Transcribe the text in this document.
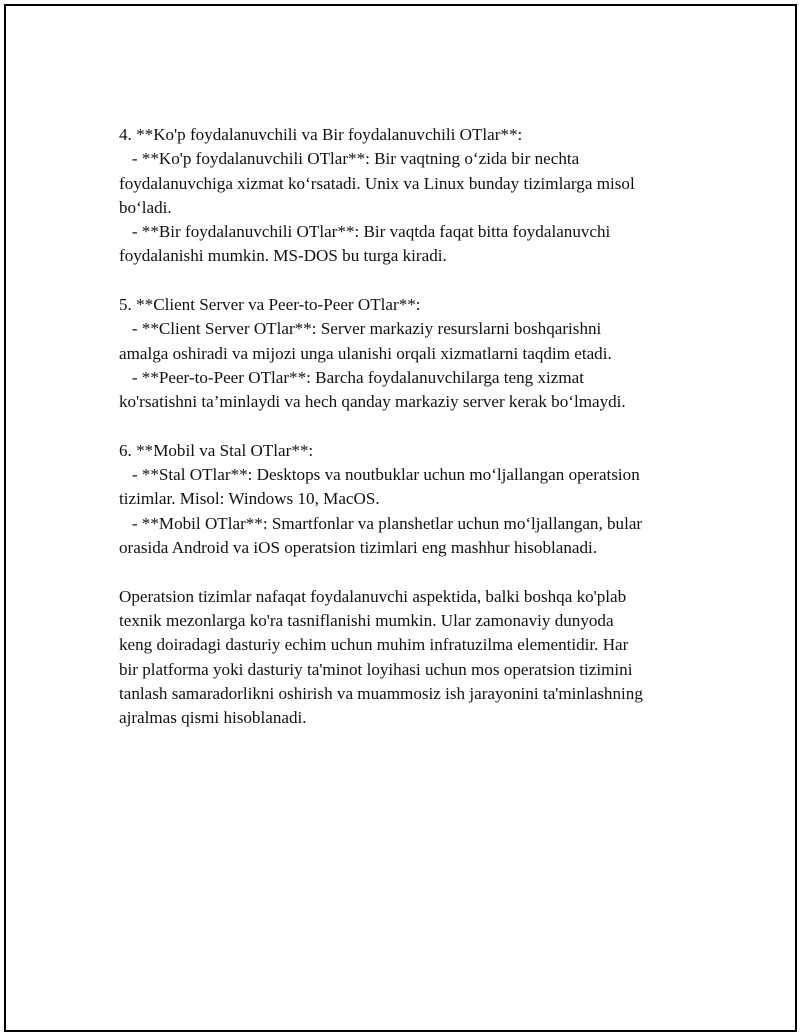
4. **Ko'p foydalanuvchili va Bir foydalanuvchili OTlar**:
- **Ko'p foydalanuvchili OTlar**: Bir vaqtning o‘zida bir nechta
foydalanuvchiga xizmat ko‘rsatadi. Unix va Linux bunday tizimlarga misol
bo‘ladi.
- **Bir foydalanuvchili OTlar**: Bir vaqtda faqat bitta foydalanuvchi
foydalanishi mumkin. MS-DOS bu turga kiradi.
5. **Client Server va Peer-to-Peer OTlar**:
- **Client Server OTlar**: Server markaziy resurslarni boshqarishni
amalga oshiradi va mijozi unga ulanishi orqali xizmatlarni taqdim etadi.
- **Peer-to-Peer OTlar**: Barcha foydalanuvchilarga teng xizmat
ko'rsatishni ta’minlaydi va hech qanday markaziy server kerak bo‘lmaydi.
6. **Mobil va Stal OTlar**:
- **Stal OTlar**: Desktops va noutbuklar uchun mo‘ljallangan operatsion
tizimlar. Misol: Windows 10, MacOS.
- **Mobil OTlar**: Smartfonlar va planshetlar uchun mo‘ljallangan, bular
orasida Android va iOS operatsion tizimlari eng mashhur hisoblanadi.
Operatsion tizimlar nafaqat foydalanuvchi aspektida, balki boshqa ko'plab
texnik mezonlarga ko'ra tasniflanishi mumkin. Ular zamonaviy dunyoda
keng doiradagi dasturiy echim uchun muhim infratuzilma elementidir. Har
bir platforma yoki dasturiy ta'minot loyihasi uchun mos operatsion tizimini
tanlash samaradorlikni oshirish va muammosiz ish jarayonini ta'minlashning
ajralmas qismi hisoblanadi.
